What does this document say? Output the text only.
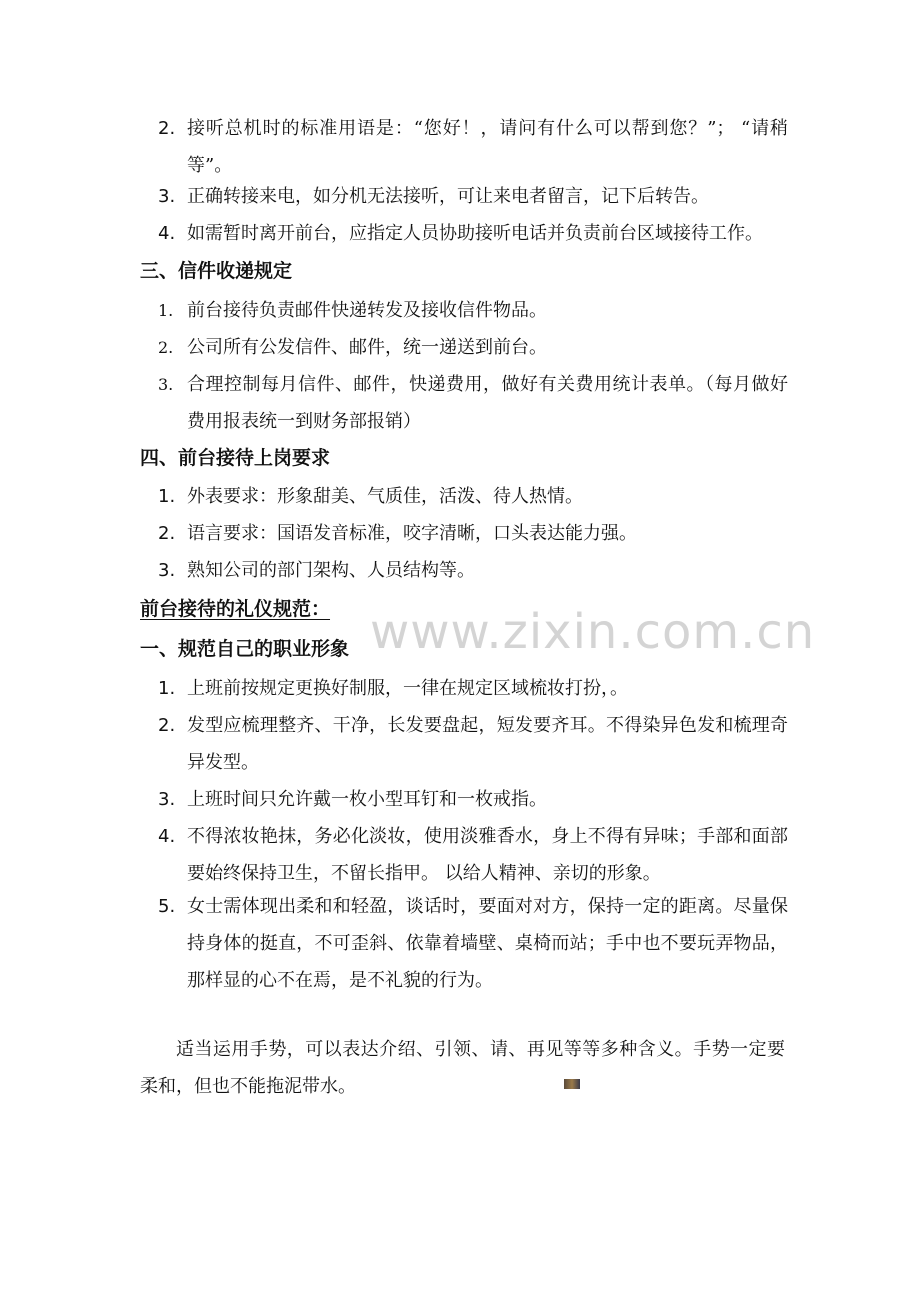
2. 接听总机时的标准用语是：“您好！，请问有什么可以帮到您？”； “请稍等”。
3. 正确转接来电，如分机无法接听，可让来电者留言，记下后转告。
4. 如需暂时离开前台，应指定人员协助接听电话并负责前台区域接待工作。
三、信件收递规定
1. 前台接待负责邮件快递转发及接收信件物品。
2. 公司所有公发信件、邮件，统一递送到前台。
3. 合理控制每月信件、邮件，快递费用，做好有关费用统计表单。（每月做好费用报表统一到财务部报销）
四、前台接待上岗要求
1. 外表要求：形象甜美、气质佳，活泼、待人热情。
2. 语言要求：国语发音标准，咬字清晰，口头表达能力强。
3. 熟知公司的部门架构、人员结构等。
www.zixin.com.cn
前台接待的礼仪规范：
一、规范自己的职业形象
1. 上班前按规定更换好制服，一律在规定区域梳妆打扮，。
2. 发型应梳理整齐、干净，长发要盘起，短发要齐耳。不得染异色发和梳理奇异发型。
3. 上班时间只允许戴一枚小型耳钉和一枚戒指。
4. 不得浓妆艳抹，务必化淡妆，使用淡雅香水，身上不得有异味；手部和面部要始终保持卫生，不留长指甲。 以给人精神、亲切的形象。
5. 女士需体现出柔和和轻盈，谈话时，要面对对方，保持一定的距离。尽量保持身体的挺直，不可歪斜、依靠着墙壁、桌椅而站；手中也不要玩弄物品，那样显的心不在焉，是不礼貌的行为。
适当运用手势，可以表达介绍、引领、请、再见等等多种含义。手势一定要柔和，但也不能拖泥带水。
